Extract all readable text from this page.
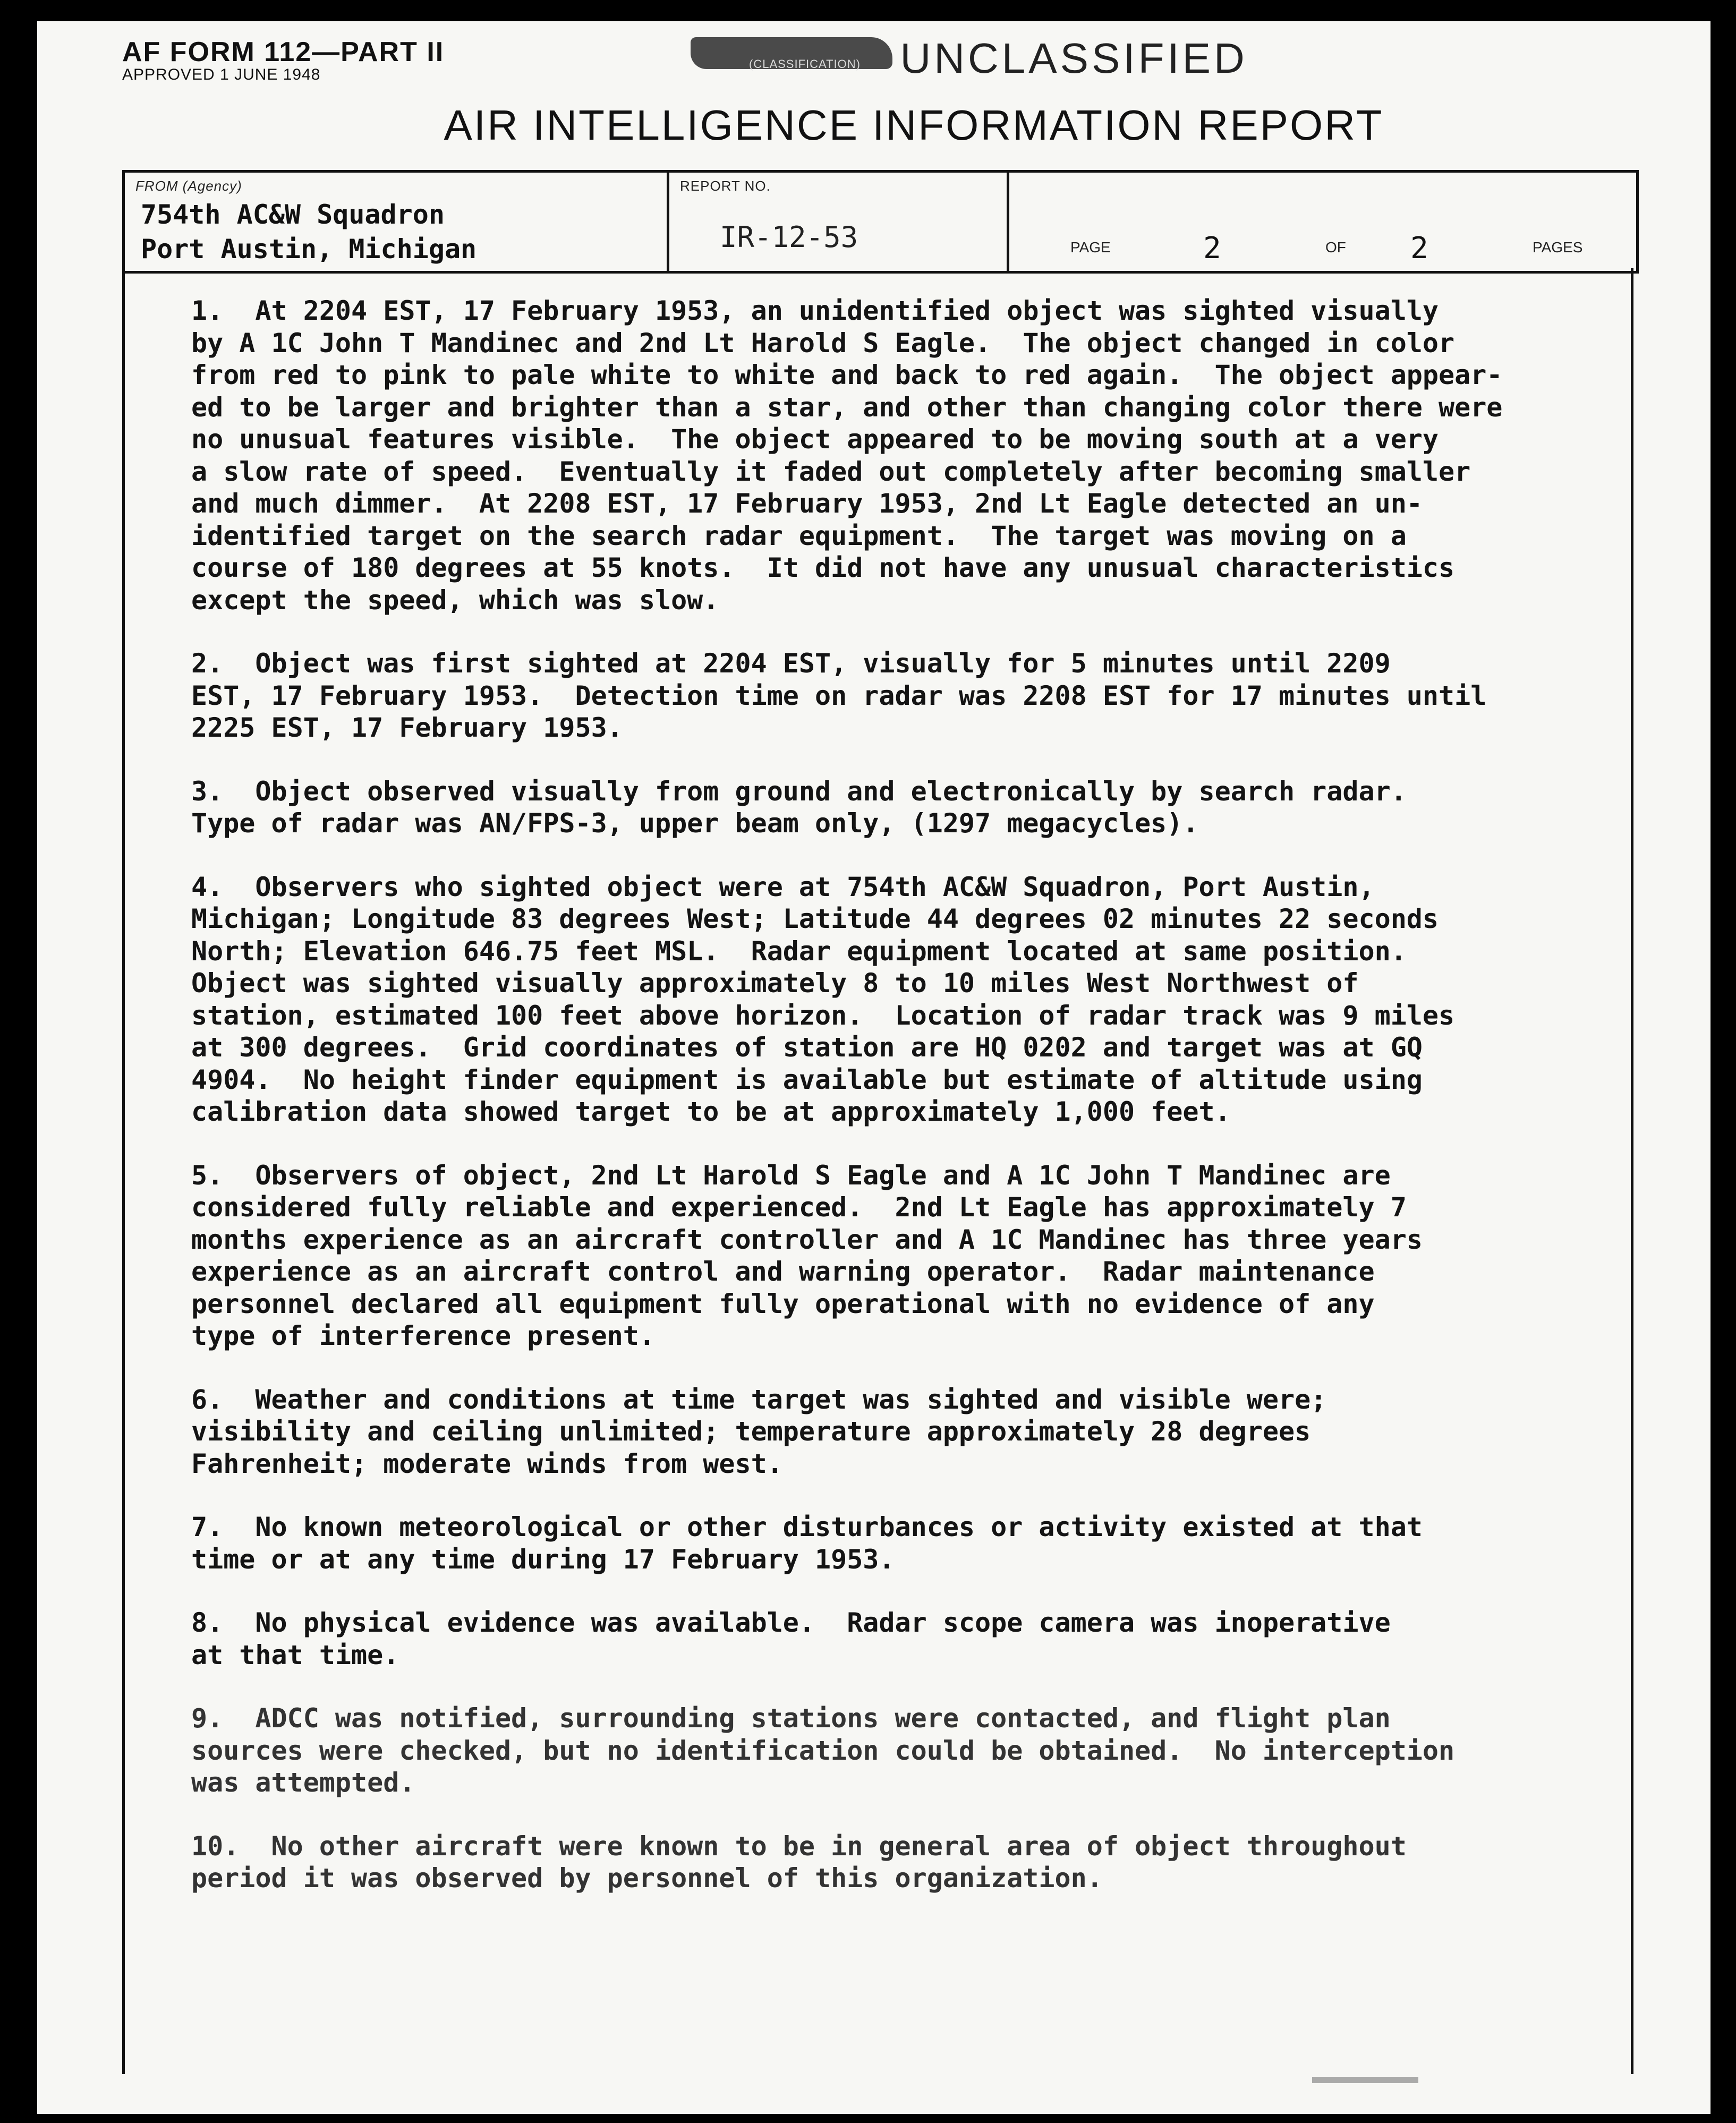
AF FORM 112—PART II
APPROVED 1 JUNE 1948
(CLASSIFICATION) UNCLASSIFIED
AIR INTELLIGENCE INFORMATION REPORT
FROM (Agency)
754th AC&W Squadron
Port Austin, Michigan
REPORT NO.
IR-12-53	PAGE	2	OF 2	PAGES
1.  At 2204 EST, 17 February 1953, an unidentified object was sighted visually
by A 1C John T Mandinec and 2nd Lt Harold S Eagle.  The object changed in color
from red to pink to pale white to white and back to red again.  The object appear-
ed to be larger and brighter than a star, and other than changing color there were
no unusual features visible.  The object appeared to be moving south at a very
a slow rate of speed.  Eventually it faded out completely after becoming smaller
and much dimmer.  At 2208 EST, 17 February 1953, 2nd Lt Eagle detected an un-
identified target on the search radar equipment.  The target was moving on a
course of 180 degrees at 55 knots.  It did not have any unusual characteristics
except the speed, which was slow.
2.  Object was first sighted at 2204 EST, visually for 5 minutes until 2209
EST, 17 February 1953.  Detection time on radar was 2208 EST for 17 minutes until
2225 EST, 17 February 1953.
3.  Object observed visually from ground and electronically by search radar.
Type of radar was AN/FPS-3, upper beam only, (1297 megacycles).
4.  Observers who sighted object were at 754th AC&W Squadron, Port Austin,
Michigan; Longitude 83 degrees West; Latitude 44 degrees 02 minutes 22 seconds
North; Elevation 646.75 feet MSL.  Radar equipment located at same position.
Object was sighted visually approximately 8 to 10 miles West Northwest of
station, estimated 100 feet above horizon.  Location of radar track was 9 miles
at 300 degrees.  Grid coordinates of station are HQ 0202 and target was at GQ
4904.  No height finder equipment is available but estimate of altitude using
calibration data showed target to be at approximately 1,000 feet.
5.  Observers of object, 2nd Lt Harold S Eagle and A 1C John T Mandinec are
considered fully reliable and experienced.  2nd Lt Eagle has approximately 7
months experience as an aircraft controller and A 1C Mandinec has three years
experience as an aircraft control and warning operator.  Radar maintenance
personnel declared all equipment fully operational with no evidence of any
type of interference present.
6.  Weather and conditions at time target was sighted and visible were;
visibility and ceiling unlimited; temperature approximately 28 degrees
Fahrenheit; moderate winds from west.
7.  No known meteorological or other disturbances or activity existed at that
time or at any time during 17 February 1953.
8.  No physical evidence was available.  Radar scope camera was inoperative
at that time.
9.  ADCC was notified, surrounding stations were contacted, and flight plan
sources were checked, but no identification could be obtained.  No interception
was attempted.
10.  No other aircraft were known to be in general area of object throughout
period it was observed by personnel of this organization.
